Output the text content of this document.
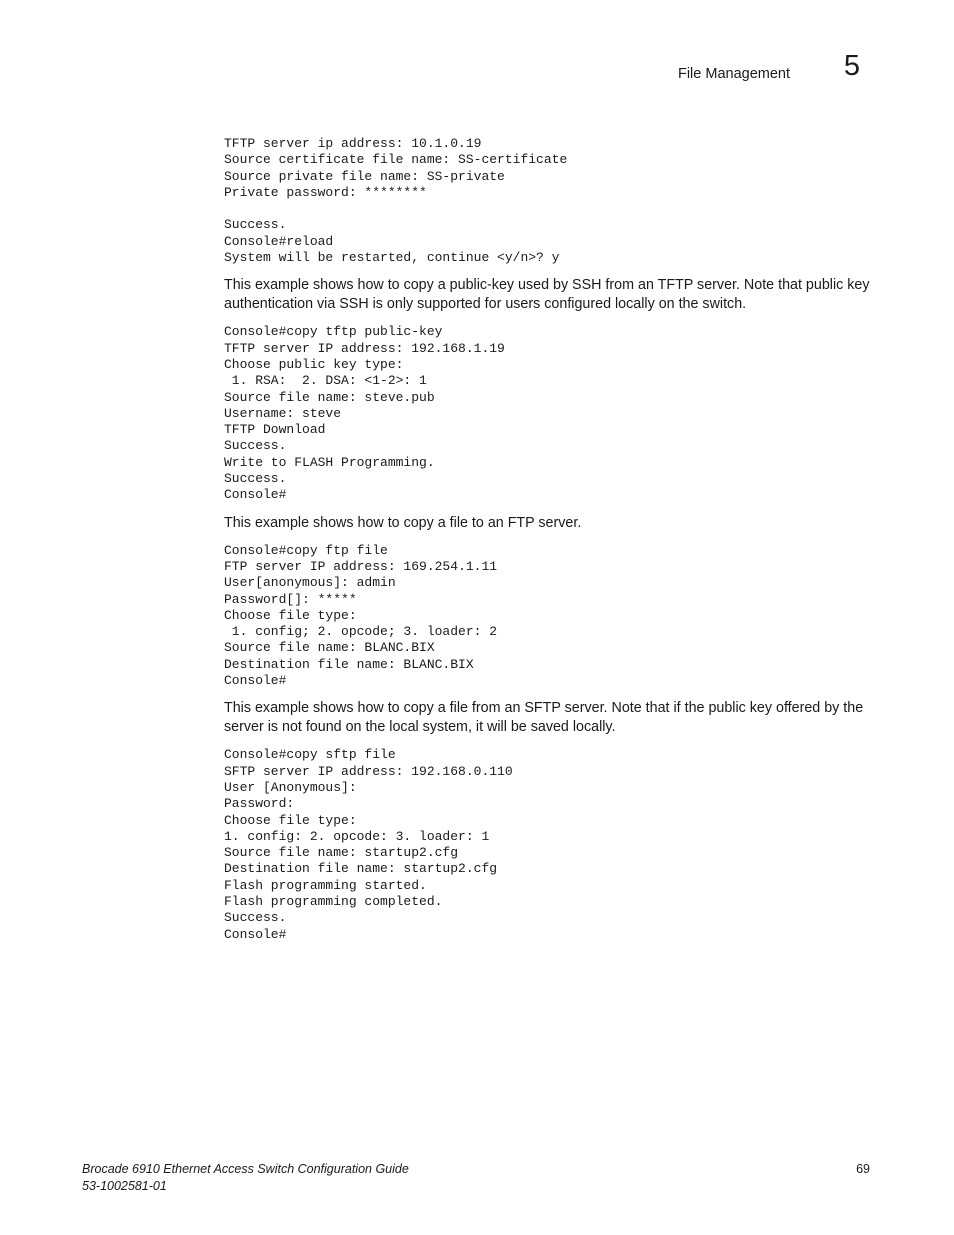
File Management	5
TFTP server ip address: 10.1.0.19
Source certificate file name: SS-certificate
Source private file name: SS-private
Private password: ********

Success.
Console#reload
System will be restarted, continue <y/n>? y

This example shows how to copy a public-key used by SSH from an TFTP server. Note that public key authentication via SSH is only supported for users configured locally on the switch.

Console#copy tftp public-key
TFTP server IP address: 192.168.1.19
Choose public key type:
1. RSA:  2. DSA: <1-2>: 1
Source file name: steve.pub
Username: steve
TFTP Download
Success.
Write to FLASH Programming.
Success.
Console#

This example shows how to copy a file to an FTP server.

Console#copy ftp file
FTP server IP address: 169.254.1.11
User[anonymous]: admin
Password[]: *****
Choose file type:
1. config; 2. opcode; 3. loader: 2
Source file name: BLANC.BIX
Destination file name: BLANC.BIX
Console#

This example shows how to copy a file from an SFTP server. Note that if the public key offered by the server is not found on the local system, it will be saved locally.

Console#copy sftp file
SFTP server IP address: 192.168.0.110
User [Anonymous]:
Password:
Choose file type:
1. config: 2. opcode: 3. loader: 1
Source file name: startup2.cfg
Destination file name: startup2.cfg
Flash programming started.
Flash programming completed.
Success.
Console#
Brocade 6910 Ethernet Access Switch Configuration Guide
53-1002581-01
69
